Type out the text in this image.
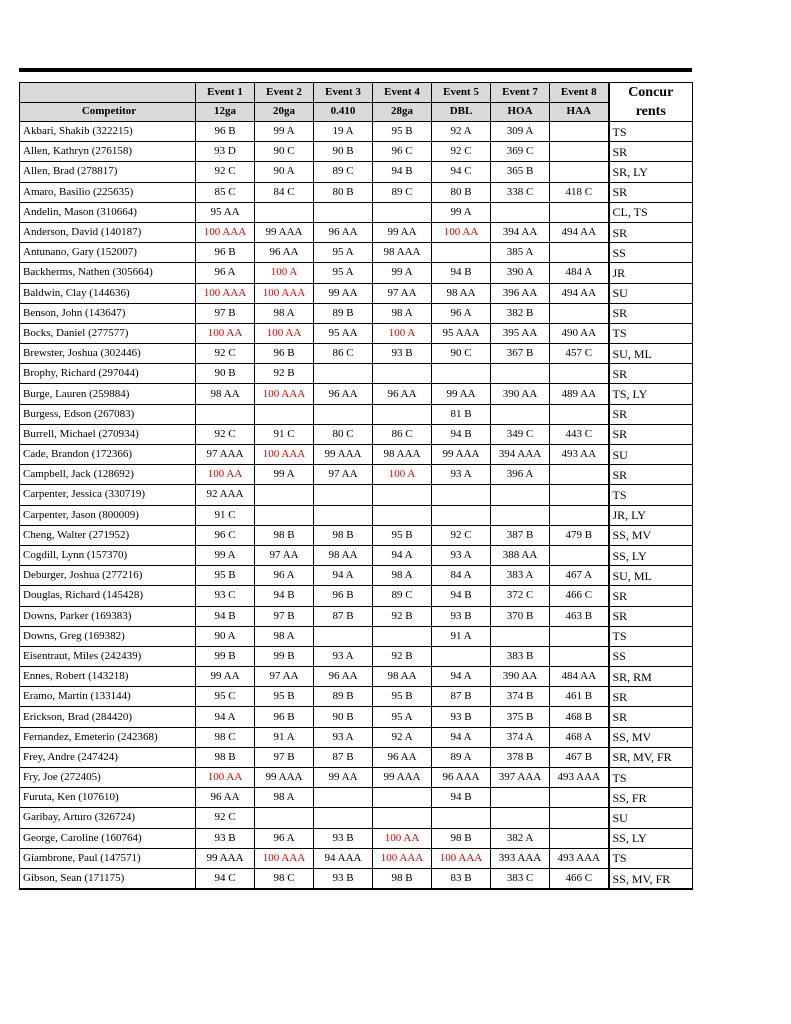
	Event 1	Event 2	Event 3	Event 4	Event 5	Event 7	Event 8	Concur
rents

Competitor	12ga	20ga	0.410	28ga	DBL	HOA	HAA	
Akbari, Shakib (322215)	96 B	99 A	19 A	95 B	92 A	309 A		TS
Allen, Kathryn (276158)	93 D	90 C	90 B	96 C	92 C	369 C		SR
Allen, Brad (278817)	92 C	90 A	89 C	94 B	94 C	365 B		SR, LY
Amaro, Basilio (225635)	85 C	84 C	80 B	89 C	80 B	338 C	418 C	SR
Andelin, Mason (310664)	95 AA				99 A			CL, TS
Anderson, David (140187)	100 AAA	99 AAA	96 AA	99 AA	100 AA	394 AA	494 AA	SR
Antunano, Gary (152007)	96 B	96 AA	95 A	98 AAA		385 A		SS
Backherms, Nathen (305664)	96 A	100 A	95 A	99 A	94 B	390 A	484 A	JR
Baldwin, Clay (144636)	100 AAA	100 AAA	99 AA	97 AA	98 AA	396 AA	494 AA	SU
Benson, John (143647)	97 B	98 A	89 B	98 A	96 A	382 B		SR
Bocks, Daniel (277577)	100 AA	100 AA	95 AA	100 A	95 AAA	395 AA	490 AA	TS
Brewster, Joshua (302446)	92 C	96 B	86 C	93 B	90 C	367 B	457 C	SU, ML
Brophy, Richard (297044)	90 B	92 B						SR
Burge, Lauren (259884)	98 AA	100 AAA	96 AA	96 AA	99 AA	390 AA	489 AA	TS, LY
Burgess, Edson (267083)					81 B			SR
Burrell, Michael (270934)	92 C	91 C	80 C	86 C	94 B	349 C	443 C	SR
Cade, Brandon (172366)	97 AAA	100 AAA	99 AAA	98 AAA	99 AAA	394 AAA	493 AA	SU
Campbell, Jack (128692)	100 AA	99 A	97 AA	100 A	93 A	396 A		SR
Carpenter, Jessica (330719)	92 AAA							TS
Carpenter, Jason (800009)	91 C							JR, LY
Cheng, Walter (271952)	96 C	98 B	98 B	95 B	92 C	387 B	479 B	SS, MV
Cogdill, Lynn (157370)	99 A	97 AA	98 AA	94 A	93 A	388 AA		SS, LY
Deburger, Joshua (277216)	95 B	96 A	94 A	98 A	84 A	383 A	467 A	SU, ML
Douglas, Richard (145428)	93 C	94 B	96 B	89 C	94 B	372 C	466 C	SR
Downs, Parker (169383)	94 B	97 B	87 B	92 B	93 B	370 B	463 B	SR
Downs, Greg (169382)	90 A	98 A			91 A			TS
Eisentraut, Miles (242439)	99 B	99 B	93 A	92 B		383 B		SS
Ennes, Robert (143218)	99 AA	97 AA	96 AA	98 AA	94 A	390 AA	484 AA	SR, RM
Eramo, Martin (133144)	95 C	95 B	89 B	95 B	87 B	374 B	461 B	SR
Erickson, Brad (284420)	94 A	96 B	90 B	95 A	93 B	375 B	468 B	SR
Fernandez, Emeterio (242368)	98 C	91 A	93 A	92 A	94 A	374 A	468 A	SS, MV
Frey, Andre (247424)	98 B	97 B	87 B	96 AA	89 A	378 B	467 B	SR, MV, FR
Fry, Joe (272405)	100 AA	99 AAA	99 AA	99 AAA	96 AAA	397 AAA	493 AAA	TS
Furuta, Ken (107610)	96 AA	98 A			94 B			SS, FR
Garibay, Arturo (326724)	92 C							SU
George, Caroline (160764)	93 B	96 A	93 B	100 AA	98 B	382 A		SS, LY
Giambrone, Paul (147571)	99 AAA	100 AAA	94 AAA	100 AAA	100 AAA	393 AAA	493 AAA	TS
Gibson, Sean (171175)	94 C	98 C	93 B	98 B	83 B	383 C	466 C	SS, MV, FR
